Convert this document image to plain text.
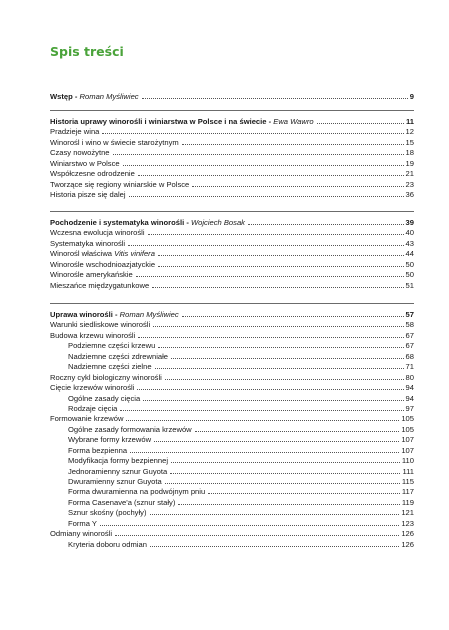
Spis treści
Wstęp - Roman Myśliwiec	9
Historia uprawy winorośli i winiarstwa w Polsce i na świecie - Ewa Wawro	11
Pradzieje wina	12
Winorośl i wino w świecie starożytnym	15
Czasy nowożytne	18
Winiarstwo w Polsce	19
Współczesne odrodzenie	21
Tworzące się regiony winiarskie w Polsce	23
Historia pisze się dalej	36
Pochodzenie i systematyka winorośli - Wojciech Bosak	39
Wczesna ewolucja winorośli	40
Systematyka winorośli	43
Winorośl właściwa Vitis vinifera	44
Winorośle wschodnioazjatyckie	50
Winorośle amerykańskie	50
Mieszańce międzygatunkowe	51
Uprawa winorośli - Roman Myśliwiec	57
Warunki siedliskowe winorośli	58
Budowa krzewu winorośli	67
Podziemne części krzewu	67
Nadziemne części zdrewniałe	68
Nadziemne części zielne	71
Roczny cykl biologiczny winorośli	80
Cięcie krzewów winorośli	94
Ogólne zasady cięcia	94
Rodzaje cięcia	97
Formowanie krzewów	105
Ogólne zasady formowania krzewów	105
Wybrane formy krzewów	107
Forma bezpienna	107
Modyfikacja formy bezpiennej	110
Jednoramienny sznur Guyota	111
Dwuramienny sznur Guyota	115
Forma dwuramienna na podwójnym pniu	117
Forma Casenave'a (sznur stały)	119
Sznur skośny (pochyły)	121
Forma Y	123
Odmiany winorośli	126
Kryteria doboru odmian	126
